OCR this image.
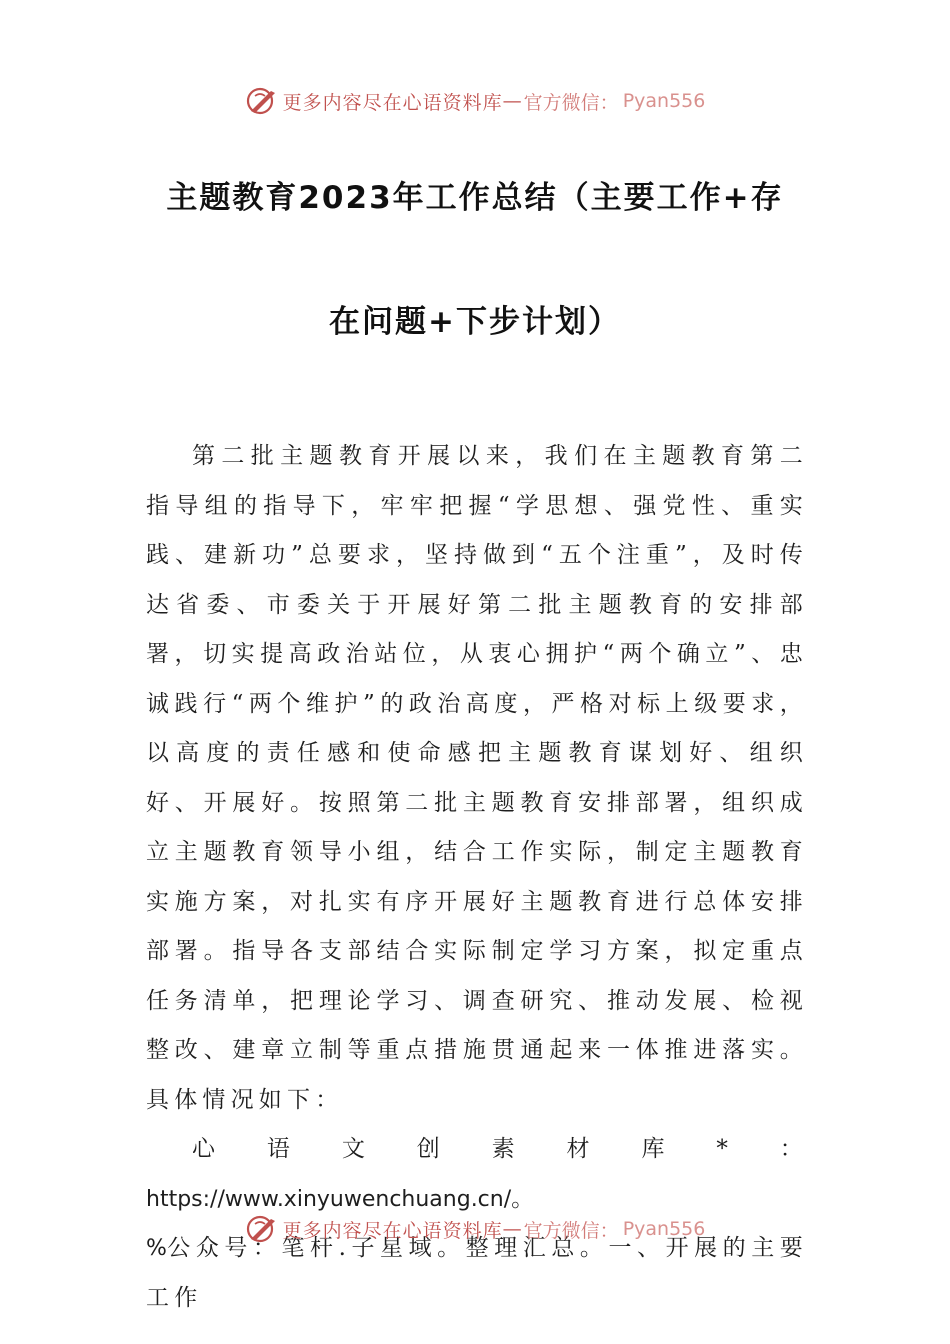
更多内容尽在心语资料库 — 官方微信： Pyan556
主题教育2023年工作总结（主要工作+存
在问题+下步计划）

第二批主题教育开展以来，我们在主题教育第二指导组的指导下，牢牢把握“学思想、强党性、重实践、建新功”总要求，坚持做到“五个注重”，及时传达省委、市委关于开展好第二批主题教育的安排部署，切实提高政治站位，从衷心拥护“两个确立”、忠诚践行“两个维护”的政治高度，严格对标上级要求，以高度的责任感和使命感把主题教育谋划好、组织好、开展好。按照第二批主题教育安排部署，组织成立主题教育领导小组，结合工作实际，制定主题教育实施方案，对扎实有序开展好主题教育进行总体安排部署。指导各支部结合实际制定学习方案，拟定重点任务清单，把理论学习、调查研究、推动发展、检视整改、建章立制等重点措施贯通起来一体推进落实。具体情况如下：

心语文创素材库*：https://www.xinyuwenchuang.cn/。

%公众号：笔杆.子星域。整理汇总。一、开展的主要工作

更多内容尽在心语资料库 — 官方微信： Pyan556
